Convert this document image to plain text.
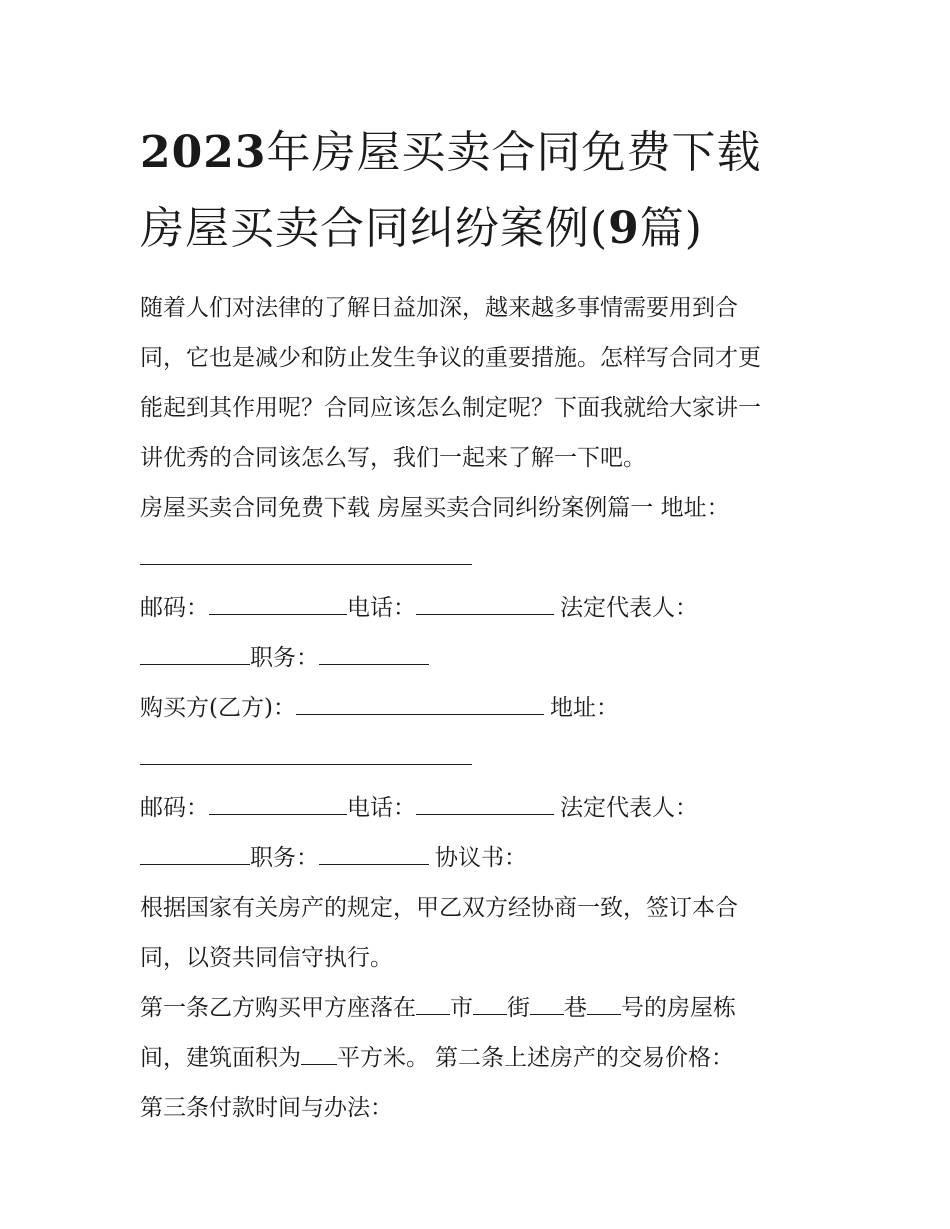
2023年房屋买卖合同免费下载
房屋买卖合同纠纷案例(9篇)

随着人们对法律的了解日益加深，越来越多事情需要用到合
同，它也是减少和防止发生争议的重要措施。怎样写合同才更
能起到其作用呢？合同应该怎么制定呢？下面我就给大家讲一
讲优秀的合同该怎么写，我们一起来了解一下吧。

房屋买卖合同免费下载 房屋买卖合同纠纷案例篇一 地址：

邮码：	电话：	法定代表人：
职务：

购买方(乙方)：	地址：

邮码：	电话：	法定代表人：
职务：	协议书：

根据国家有关房产的规定，甲乙双方经协商一致，签订本合
同，以资共同信守执行。

第一条乙方购买甲方座落在 市 街 巷 号的房屋栋
间，建筑面积为 平方米。 第二条上述房产的交易价格：
第三条付款时间与办法：
